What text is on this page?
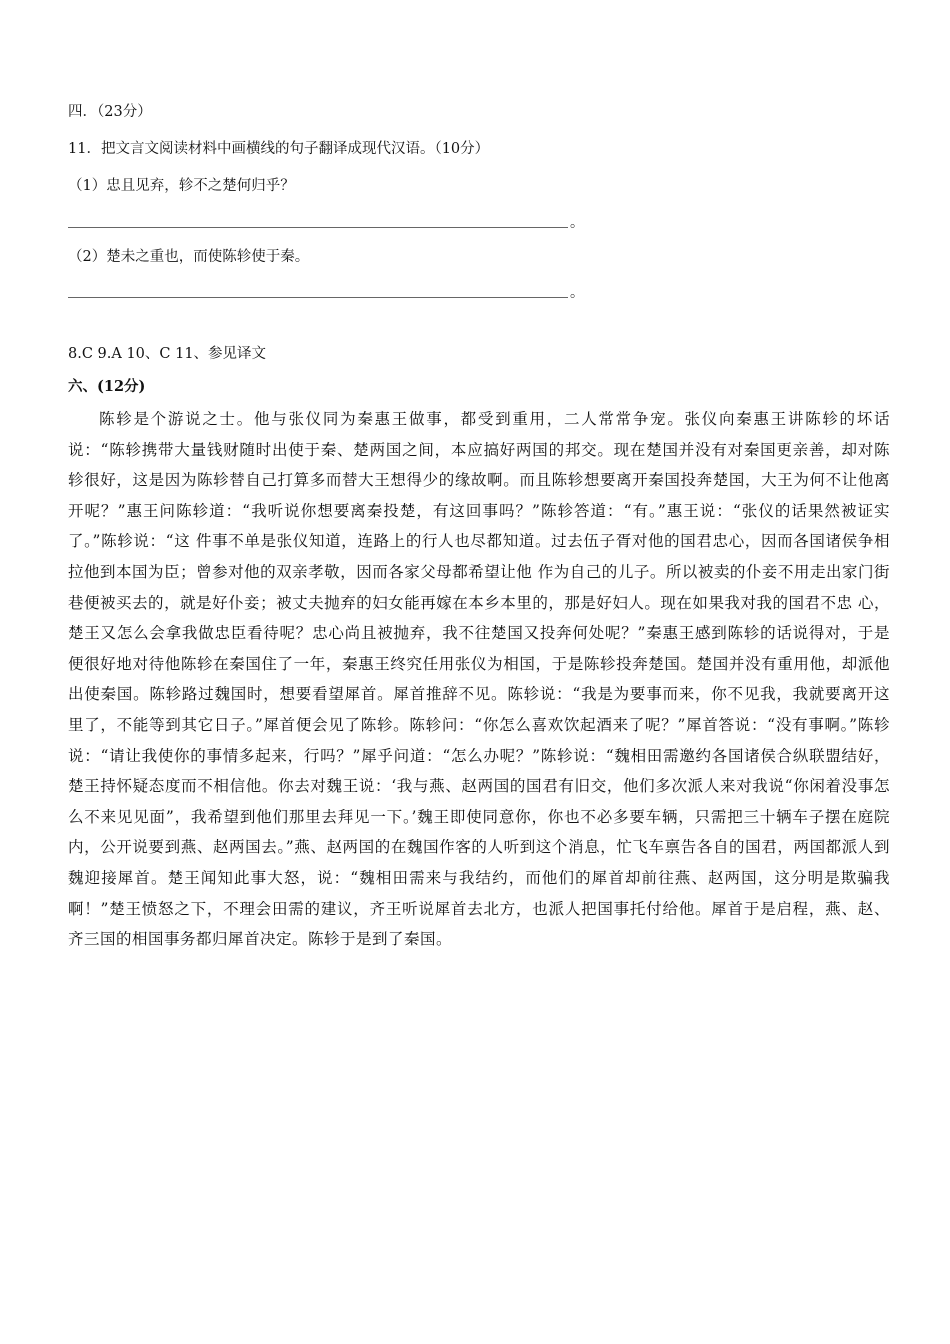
四．（23分）
11．把文言文阅读材料中画横线的句子翻译成现代汉语。（10分）
（1）忠且见弃，轸不之楚何归乎？
。
（2）楚未之重也，而使陈轸使于秦。
。
8.C 9.A 10、C 11、参见译文
六、(12分)
陈轸是个游说之士。他与张仪同为秦惠王做事，都受到重用，二人常常争宠。张仪向秦惠王讲陈轸的坏话说：“陈轸携带大量钱财随时出使于秦、楚两国之间，本应搞好两国的邦交。现在楚国并没有对秦国更亲善，却对陈轸很好，这是因为陈轸替自己打算多而替大王想得少的缘故啊。而且陈轸想要离开秦国投奔楚国，大王为何不让他离开呢？”惠王问陈轸道：“我听说你想要离秦投楚，有这回事吗？”陈轸答道：“有。”惠王说：“张仪的话果然被证实了。”陈轸说：“这 件事不单是张仪知道，连路上的行人也尽都知道。过去伍子胥对他的国君忠心，因而各国诸侯争相拉他到本国为臣；曾参对他的双亲孝敬，因而各家父母都希望让他 作为自己的儿子。所以被卖的仆妾不用走出家门街巷便被买去的，就是好仆妾；被丈夫抛弃的妇女能再嫁在本乡本里的，那是好妇人。现在如果我对我的国君不忠 心，楚王又怎么会拿我做忠臣看待呢？忠心尚且被抛弃，我不往楚国又投奔何处呢？”秦惠王感到陈轸的话说得对，于是便很好地对待他陈轸在秦国住了一年，秦惠王终究任用张仪为相国，于是陈轸投奔楚国。楚国并没有重用他，却派他出使秦国。陈轸路过魏国时，想要看望犀首。犀首推辞不见。陈轸说：“我是为要事而来，你不见我，我就要离开这里了，不能等到其它日子。”犀首便会见了陈轸。陈轸问：“你怎么喜欢饮起酒来了呢？”犀首答说：“没有事啊。”陈轸说：“请让我使你的事情多起来，行吗？”犀乎问道：“怎么办呢？”陈轸说：“魏相田需邀约各国诸侯合纵联盟结好，楚王持怀疑态度而不相信他。你去对魏王说：‘我与燕、赵两国的国君有旧交，他们多次派人来对我说“你闲着没事怎么不来见见面”，我希望到他们那里去拜见一下。’魏王即使同意你，你也不必多要车辆，只需把三十辆车子摆在庭院内，公开说要到燕、赵两国去。”燕、赵两国的在魏国作客的人听到这个消息，忙飞车禀告各自的国君，两国都派人到魏迎接犀首。楚王闻知此事大怒，说：“魏相田需来与我结约，而他们的犀首却前往燕、赵两国，这分明是欺骗我啊！”楚王愤怒之下，不理会田需的建议，齐王听说犀首去北方，也派人把国事托付给他。犀首于是启程，燕、赵、齐三国的相国事务都归犀首决定。陈轸于是到了秦国。
